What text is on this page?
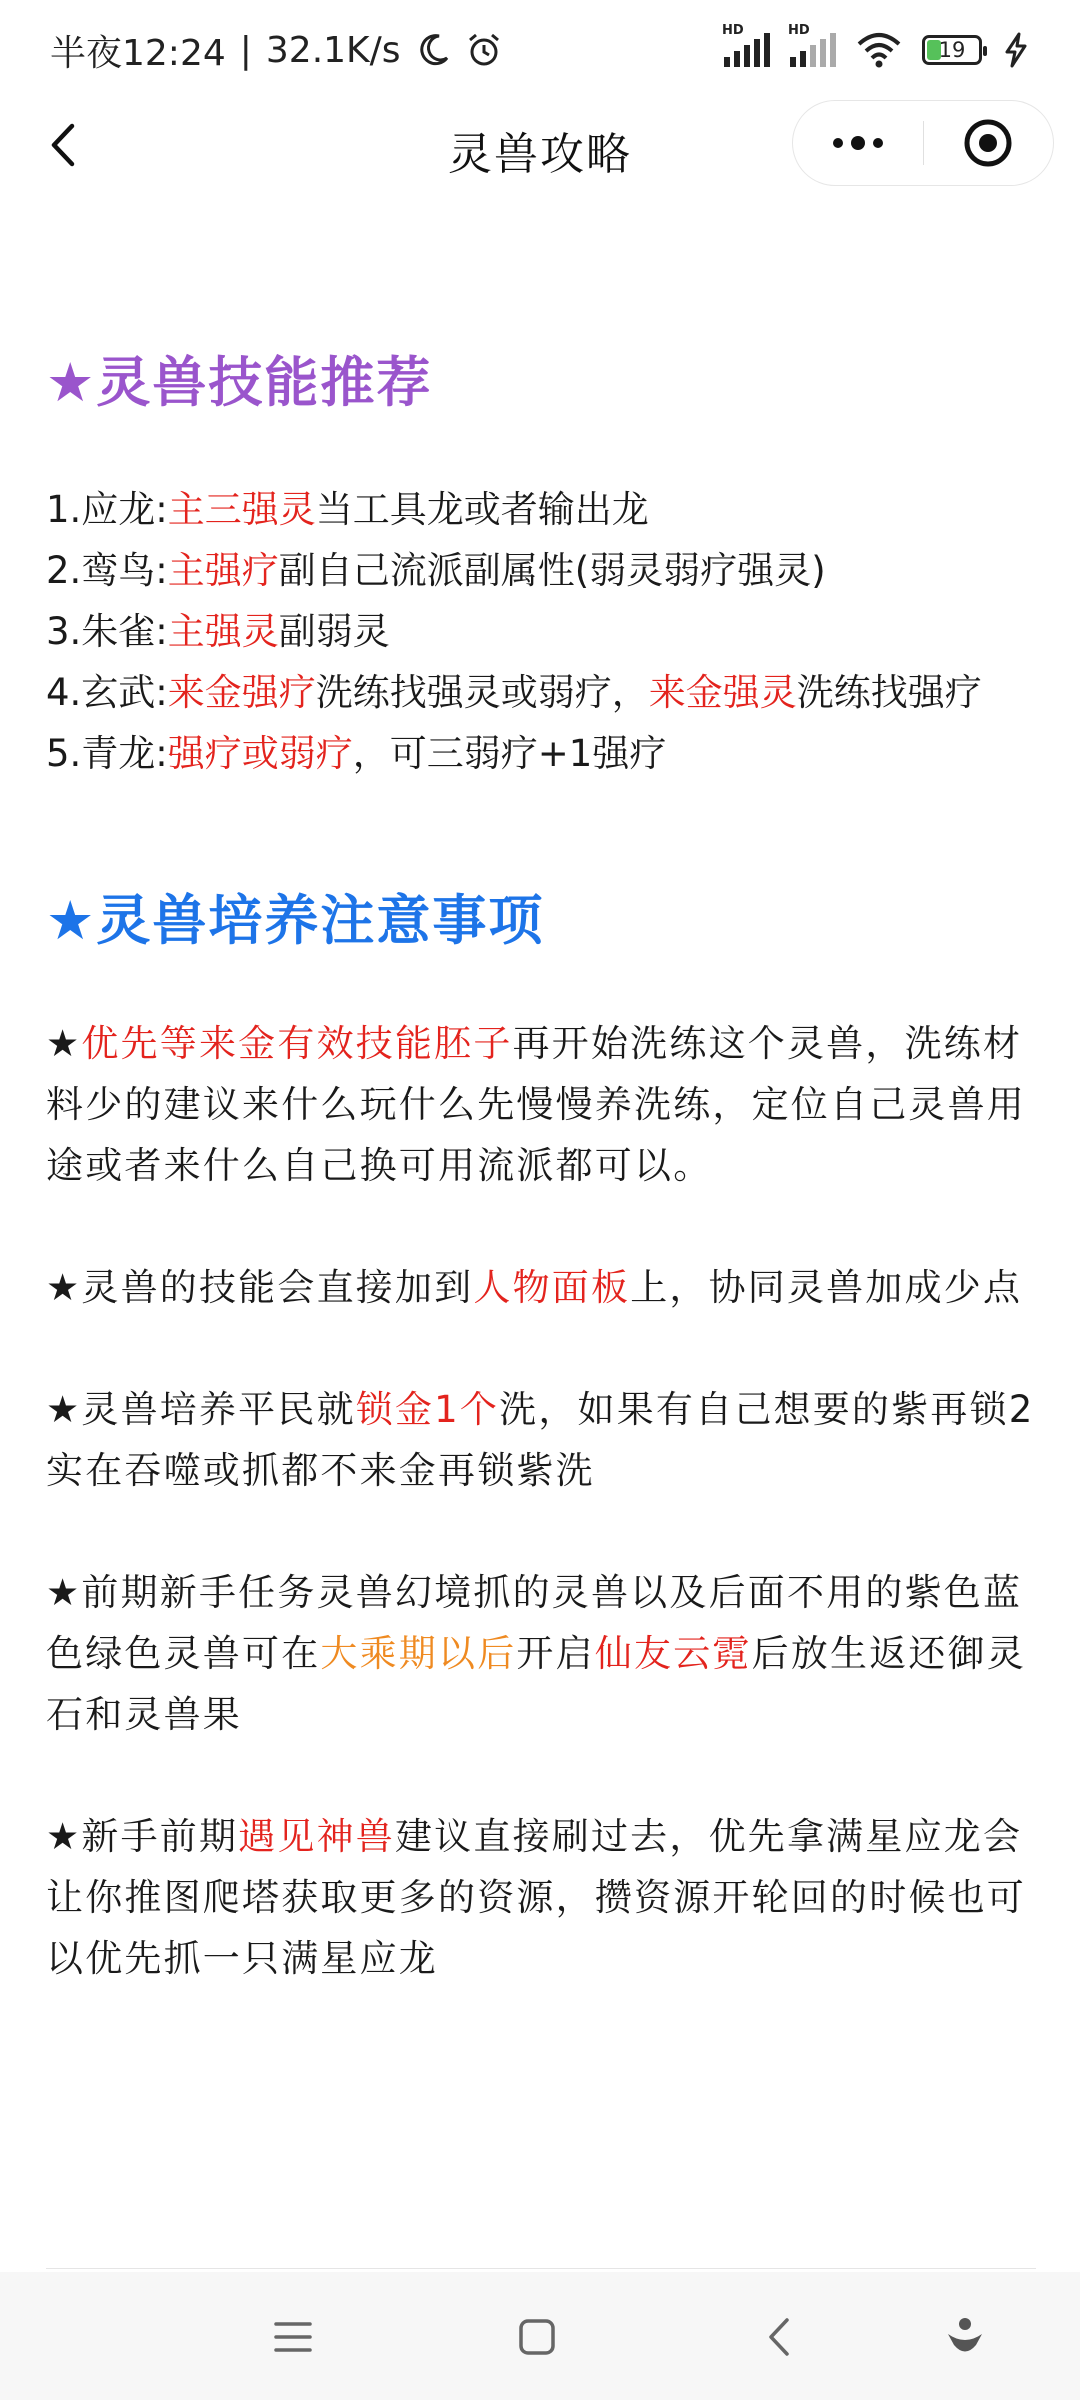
半夜12:24 | 32.1K/s	HD	HD
19
灵兽攻略
★灵兽技能推荐

1.应龙:主三强灵当工具龙或者输出龙

2.鸾鸟:主强疗副自己流派副属性(弱灵弱疗强灵)

3.朱雀:主强灵副弱灵

4.玄武:来金强疗洗练找强灵或弱疗，来金强灵洗练找强疗

5.青龙:强疗或弱疗，可三弱疗+1强疗

★灵兽培养注意事项

★优先等来金有效技能胚子再开始洗练这个灵兽，洗练材料少的建议来什么玩什么先慢慢养洗练，定位自己灵兽用途或者来什么自己换可用流派都可以。

★灵兽的技能会直接加到人物面板上，协同灵兽加成少点

★灵兽培养平民就锁金1个洗，如果有自己想要的紫再锁2
实在吞噬或抓都不来金再锁紫洗

★前期新手任务灵兽幻境抓的灵兽以及后面不用的紫色蓝色绿色灵兽可在大乘期以后开启仙友云霓后放生返还御灵石和灵兽果

★新手前期遇见神兽建议直接刷过去，优先拿满星应龙会让你推图爬塔获取更多的资源，攒资源开轮回的时候也可以优先抓一只满星应龙
